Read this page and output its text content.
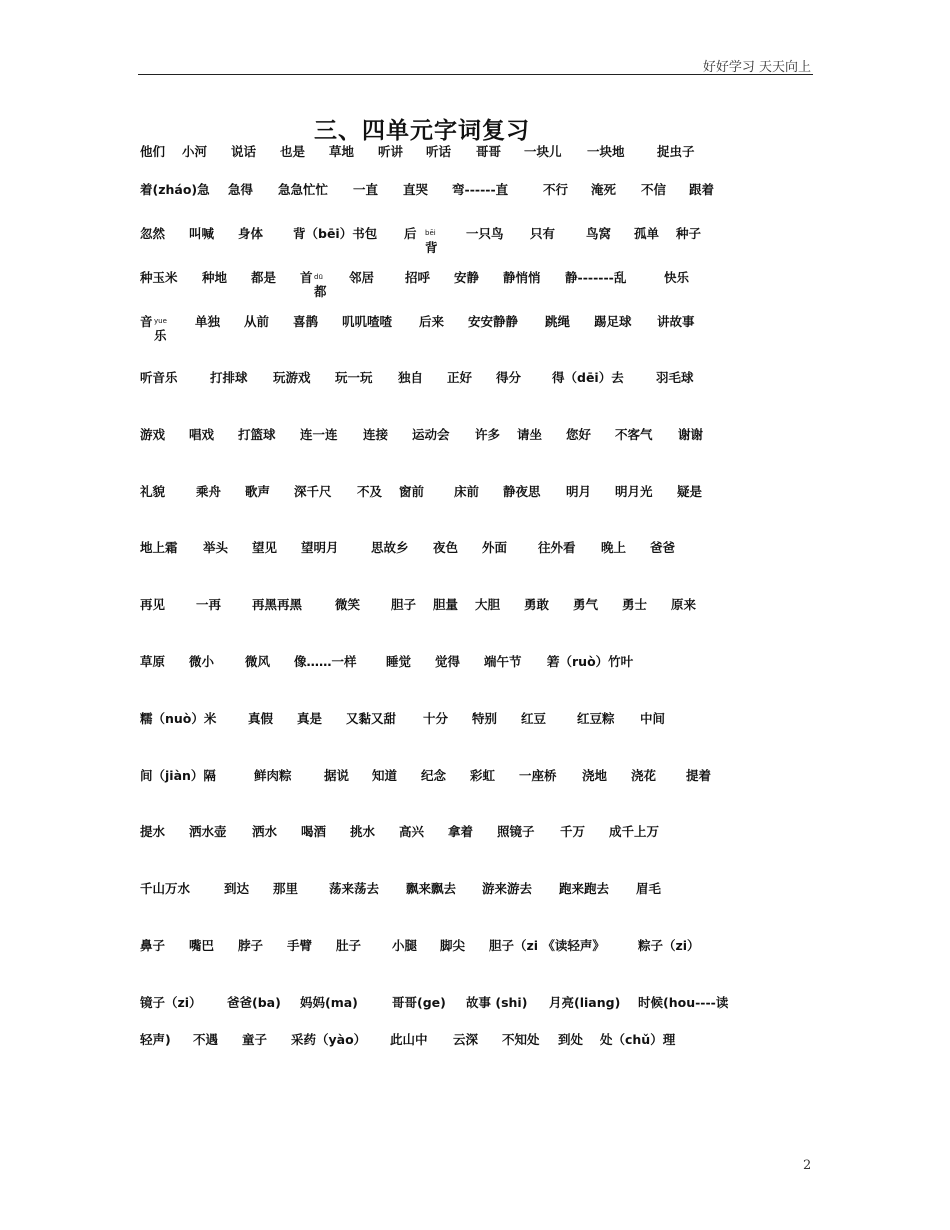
好好学习 天天向上
三、四单元字词复习
他们 小河 说话 也是 草地 听讲 听话 哥哥 一块儿 一块地	捉虫子
着(zháo)急 急得 急急忙忙 一直 直哭 弯------直	不行 淹死 不信 跟着
忽然 叫喊 身体 背（bēi）书包 后 bēi
背
一只鸟 只有 鸟窝 孤单 种子
种玉米 种地 都是 首 dū
都
邻居 招呼 安静 静悄悄 静-------乱	快乐
音 yue
乐
单独 从前 喜鹊 叽叽喳喳 后来 安安静静 跳绳 踢足球 讲故事
听音乐	打排球 玩游戏 玩一玩 独自 正好 得分 得（dēi）去	羽毛球
游戏 唱戏 打篮球 连一连 连接 运动会 许多 请坐 您好 不客气 谢谢
礼貌 乘舟 歌声 深千尺 不及 窗前 床前 静夜思 明月 明月光 疑是
地上霜 举头 望见 望明月	思故乡 夜色 外面 往外看 晚上 爸爸
再见 一再 再黑再黑	微笑 胆子 胆量 大胆 勇敢 勇气 勇士 原来
草原 微小 微风 像……一样 睡觉 觉得 端午节 箬（ruò）竹叶
糯（nuò）米	真假 真是 又黏又甜 十分 特别 红豆 红豆粽 中间
间（jiàn）隔	鲜肉粽	据说 知道 纪念 彩虹 一座桥 浇地 浇花 提着
提水 洒水壶 洒水 喝酒 挑水 高兴 拿着 照镜子 千万 成千上万
千山万水	到达 那里 荡来荡去 飘来飘去 游来游去 跑来跑去 眉毛
鼻子 嘴巴 脖子 手臂 肚子 小腿 脚尖 胆子（zi 《读轻声》	粽子（zi）
镜子（zi） 爸爸(ba) 妈妈(ma)	哥哥(ge) 故事 (shi) 月亮(liang) 时候(hou----读
轻声) 不遇 童子 采药（yào） 此山中 云深 不知处 到处 处（chǔ）理
2
